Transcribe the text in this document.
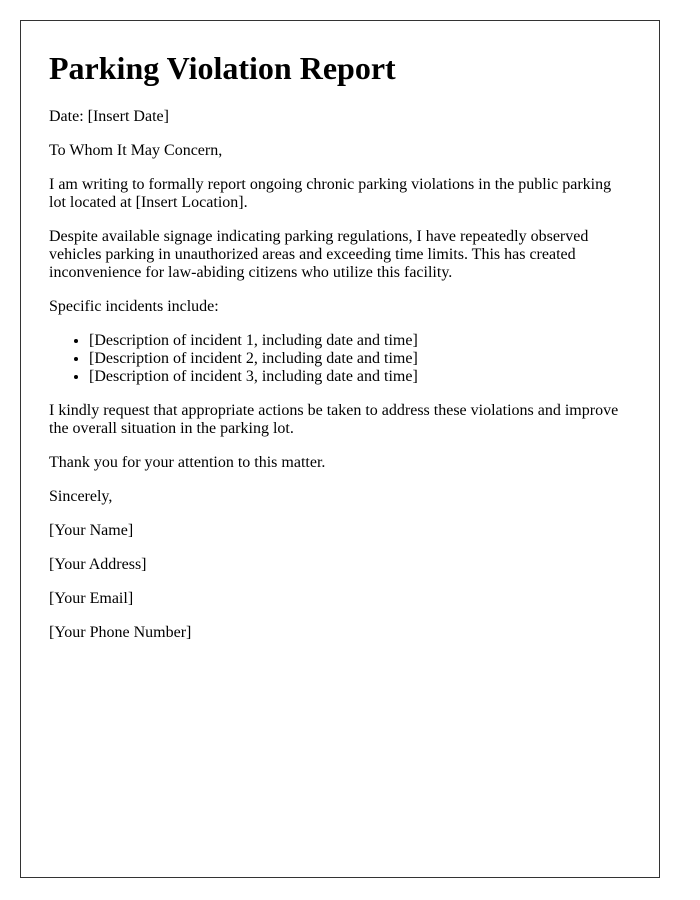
Parking Violation Report

Date: [Insert Date]

To Whom It May Concern,

I am writing to formally report ongoing chronic parking violations in the public parking lot located at [Insert Location].

Despite available signage indicating parking regulations, I have repeatedly observed vehicles parking in unauthorized areas and exceeding time limits. This has created inconvenience for law-abiding citizens who utilize this facility.

Specific incidents include:

• [Description of incident 1, including date and time]
• [Description of incident 2, including date and time]
• [Description of incident 3, including date and time]

I kindly request that appropriate actions be taken to address these violations and improve the overall situation in the parking lot.

Thank you for your attention to this matter.

Sincerely,

[Your Name]

[Your Address]

[Your Email]

[Your Phone Number]
